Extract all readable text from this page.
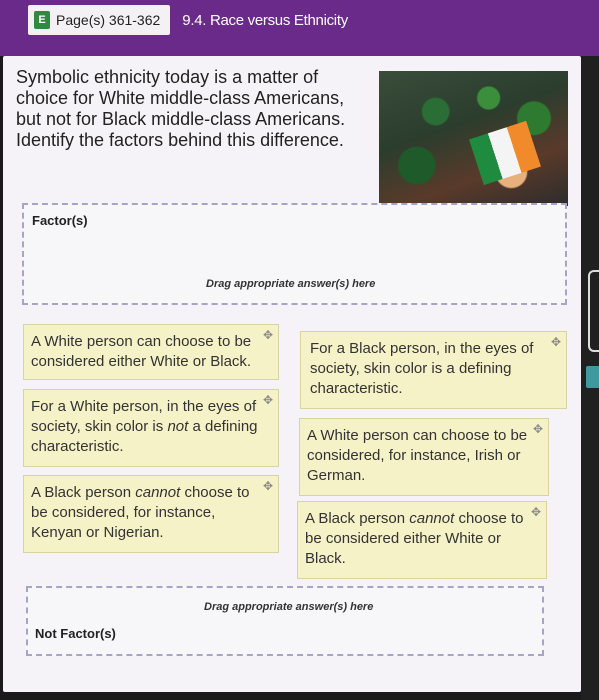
E Page(s) 361-362 9.4. Race versus Ethnicity
Symbolic ethnicity today is a matter of choice for White middle-class Americans, but not for Black middle-class Americans. Identify the factors behind this difference.
Factor(s)
Drag appropriate answer(s) here
A White person can choose to be considered either White or Black.
✥
For a Black person, in the eyes of society, skin color is a defining characteristic.
✥
For a White person, in the eyes of society, skin color is not a defining characteristic.
✥
A White person can choose to be considered, for instance, Irish or German.
✥
A Black person cannot choose to be considered, for instance, Kenyan or Nigerian.
✥
A Black person cannot choose to be considered either White or Black.
✥
Drag appropriate answer(s) here
Not Factor(s)
